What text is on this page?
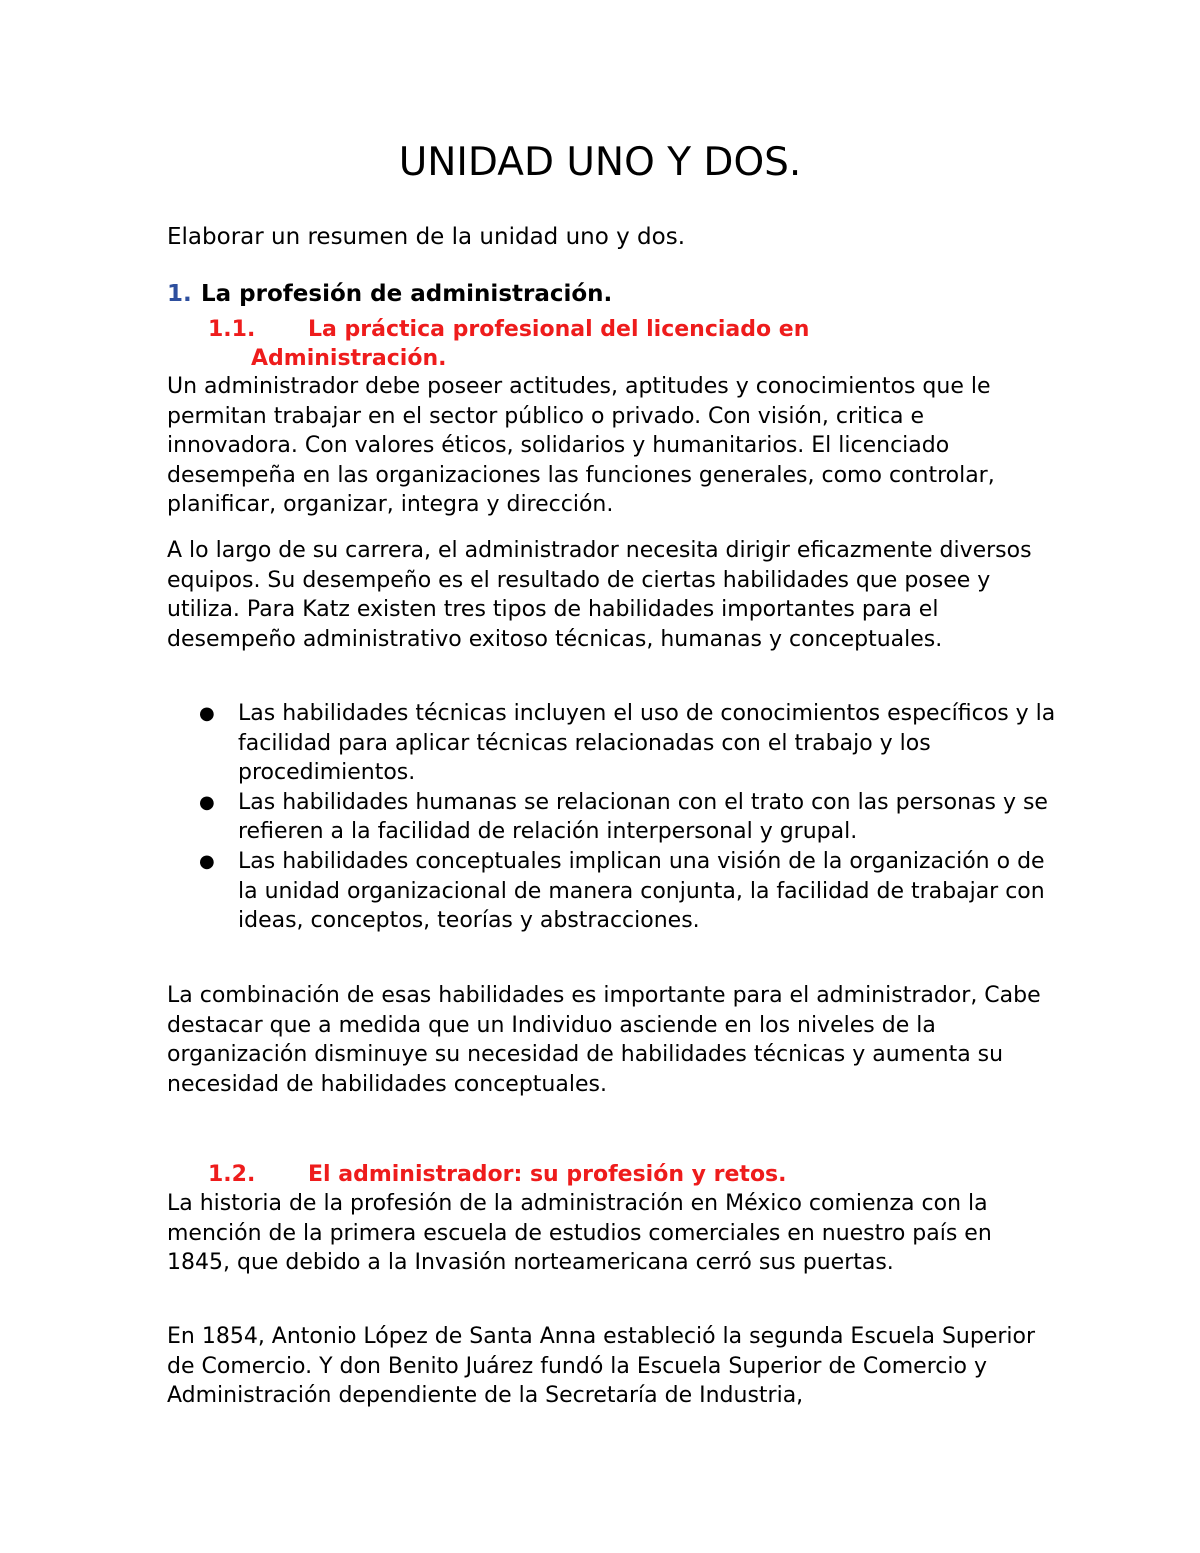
UNIDAD UNO Y DOS.

Elaborar un resumen de la unidad uno y dos.

1. La profesión de administración.
1.1. La práctica profesional del licenciado en
Administración.

Un administrador debe poseer actitudes, aptitudes y conocimientos que le permitan trabajar en el sector público o privado. Con visión, critica e innovadora. Con valores éticos, solidarios y humanitarios. El licenciado desempeña en las organizaciones las funciones generales, como controlar, planificar, organizar, integra y dirección.

A lo largo de su carrera, el administrador necesita dirigir eficazmente diversos equipos. Su desempeño es el resultado de ciertas habilidades que posee y utiliza. Para Katz existen tres tipos de habilidades importantes para el desempeño administrativo exitoso técnicas, humanas y conceptuales.

● Las habilidades técnicas incluyen el uso de conocimientos específicos y la facilidad para aplicar técnicas relacionadas con el trabajo y los procedimientos.
● Las habilidades humanas se relacionan con el trato con las personas y se refieren a la facilidad de relación interpersonal y grupal.
● Las habilidades conceptuales implican una visión de la organización o de la unidad organizacional de manera conjunta, la facilidad de trabajar con ideas, conceptos, teorías y abstracciones.

La combinación de esas habilidades es importante para el administrador, Cabe destacar que a medida que un Individuo asciende en los niveles de la organización disminuye su necesidad de habilidades técnicas y aumenta su necesidad de habilidades conceptuales.

1.2. El administrador: su profesión y retos.

La historia de la profesión de la administración en México comienza con la mención de la primera escuela de estudios comerciales en nuestro país en 1845, que debido a la Invasión norteamericana cerró sus puertas.

En 1854, Antonio López de Santa Anna estableció la segunda Escuela Superior de Comercio. Y don Benito Juárez fundó la Escuela Superior de Comercio y Administración dependiente de la Secretaría de Industria,
